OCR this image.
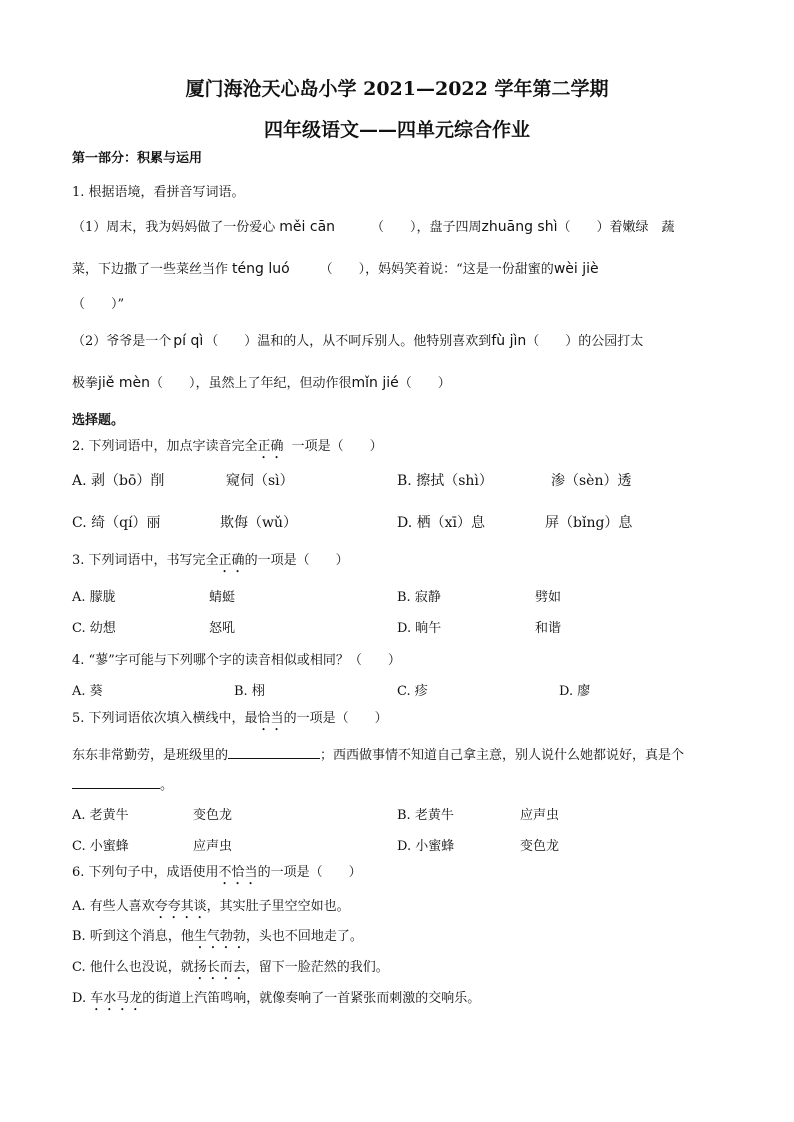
厦门海沧天心岛小学 2021—2022 学年第二学期
四年级语文——四单元综合作业
第一部分：积累与运用
1. 根据语境，看拼音写词语。
（1）周末，我为妈妈做了一份爱心 měi cān	（　　），盘子四周zhuāng shì（　　）着嫩绿　蔬
菜，下边撒了一些菜丝当作 téng luó （　　），妈妈笑着说：“这是一份甜蜜的wèi jiè
（　　）”
（2）爷爷是一个 pí qì （　　）温和的人，从不呵斥别人。他特别喜欢到fù jìn（　　）的公园打太
极拳jiě mèn（　　），虽然上了年纪，但动作很mǐn jié（　　）
选择题。
2. 下列词语中，加点字读音完全正确 一项是（　　）
A. 剥（bō）削	窥伺（sì）	B. 擦拭（shì）	渗（sèn）透
C. 绮（qí）丽	欺侮（wǔ）	D. 栖（xī）息	屏（bǐng）息
3. 下列词语中，书写完全正确的一项是（　　）
A. 朦胧	蜻蜓	B. 寂静	劈如
C. 幼想	怒吼	D. 晌午	和谐
4. “蓼”字可能与下列哪个字的读音相似或相同？（　　）
A. 葵	B. 栩	C. 疹	D. 廖
5. 下列词语依次填入横线中，最恰当的一项是（　　）
东东非常勤劳，是班级里的	；西西做事情不知道自己拿主意，别人说什么她都说好，真是个
。
A. 老黄牛	变色龙	B. 老黄牛	应声虫
C. 小蜜蜂	应声虫	D. 小蜜蜂	变色龙
6. 下列句子中，成语使用不恰当的一项是（　　）
A. 有些人喜欢夸夸其谈，其实肚子里空空如也。
B. 听到这个消息，他生气勃勃，头也不回地走了。
C. 他什么也没说，就扬长而去，留下一脸茫然的我们。
D. 车水马龙的街道上汽笛鸣响，就像奏响了一首紧张而刺激的交响乐。
